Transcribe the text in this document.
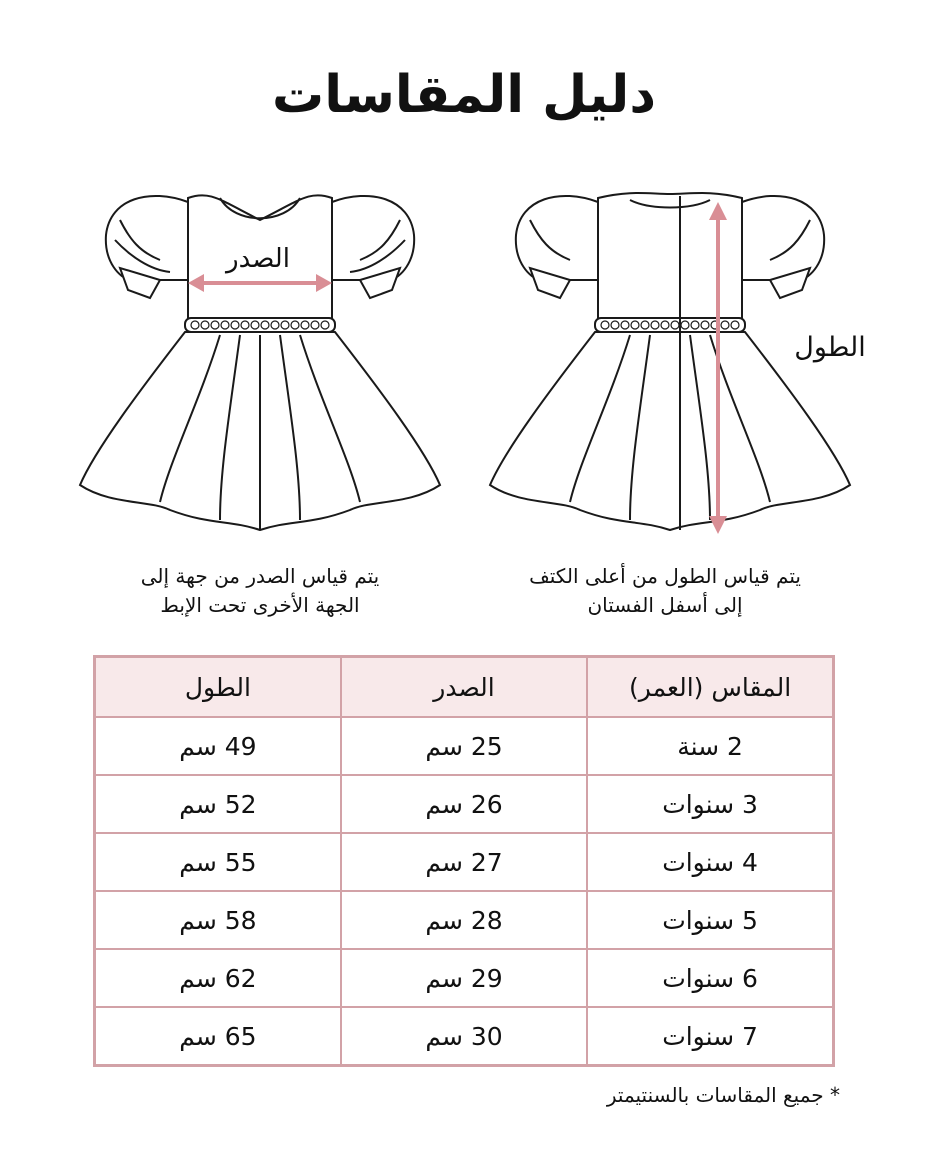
دليل المقاسات
الصدر
الطول
يتم قياس الصدر من جهة إلى
الجهة الأخرى تحت الإبط
يتم قياس الطول من أعلى الكتف
إلى أسفل الفستان
المقاس (العمر)	الصدر	الطول
2 سنة	25 سم	49 سم
3 سنوات	26 سم	52 سم
4 سنوات	27 سم	55 سم
5 سنوات	28 سم	58 سم
6 سنوات	29 سم	62 سم
7 سنوات	30 سم	65 سم
* جميع المقاسات بالسنتيمتر
